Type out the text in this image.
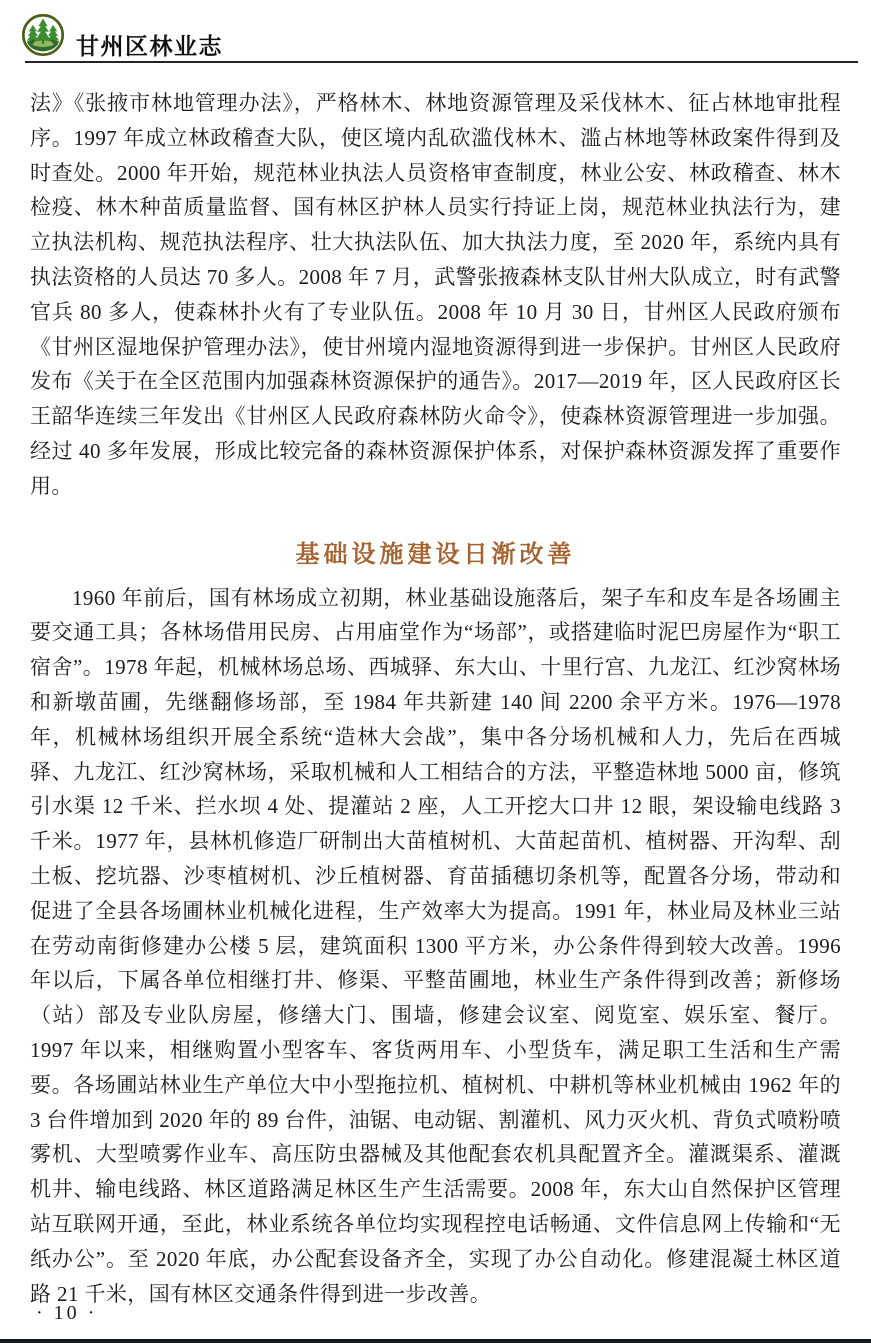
甘州区林业志

法》《张掖市林地管理办法》，严格林木、林地资源管理及采伐林木、征占林地审批程序。1997 年成立林政稽查大队，使区境内乱砍滥伐林木、滥占林地等林政案件得到及时查处。2000 年开始，规范林业执法人员资格审查制度，林业公安、林政稽查、林木检疫、林木种苗质量监督、国有林区护林人员实行持证上岗，规范林业执法行为，建立执法机构、规范执法程序、壮大执法队伍、加大执法力度，至 2020 年，系统内具有执法资格的人员达 70 多人。2008 年 7 月，武警张掖森林支队甘州大队成立，时有武警官兵 80 多人，使森林扑火有了专业队伍。2008 年 10 月 30 日，甘州区人民政府颁布《甘州区湿地保护管理办法》，使甘州境内湿地资源得到进一步保护。甘州区人民政府发布《关于在全区范围内加强森林资源保护的通告》。2017—2019 年，区人民政府区长王韶华连续三年发出《甘州区人民政府森林防火命令》，使森林资源管理进一步加强。经过 40 多年发展，形成比较完备的森林资源保护体系，对保护森林资源发挥了重要作用。

基础设施建设日渐改善

1960 年前后，国有林场成立初期，林业基础设施落后，架子车和皮车是各场圃主要交通工具；各林场借用民房、占用庙堂作为“场部”，或搭建临时泥巴房屋作为“职工宿舍”。1978 年起，机械林场总场、西城驿、东大山、十里行宫、九龙江、红沙窝林场和新墩苗圃，先继翻修场部，至 1984 年共新建 140 间 2200 余平方米。1976—1978 年，机械林场组织开展全系统“造林大会战”，集中各分场机械和人力，先后在西城驿、九龙江、红沙窝林场，采取机械和人工相结合的方法，平整造林地 5000 亩，修筑引水渠 12 千米、拦水坝 4 处、提灌站 2 座，人工开挖大口井 12 眼，架设输电线路 3 千米。1977 年，县林机修造厂研制出大苗植树机、大苗起苗机、植树器、开沟犁、刮土板、挖坑器、沙枣植树机、沙丘植树器、育苗插穗切条机等，配置各分场，带动和促进了全县各场圃林业机械化进程，生产效率大为提高。1991 年，林业局及林业三站在劳动南街修建办公楼 5 层，建筑面积 1300 平方米，办公条件得到较大改善。1996 年以后，下属各单位相继打井、修渠、平整苗圃地，林业生产条件得到改善；新修场（站）部及专业队房屋，修缮大门、围墙，修建会议室、阅览室、娱乐室、餐厅。1997 年以来，相继购置小型客车、客货两用车、小型货车，满足职工生活和生产需要。各场圃站林业生产单位大中小型拖拉机、植树机、中耕机等林业机械由 1962 年的 3 台件增加到 2020 年的 89 台件，油锯、电动锯、割灌机、风力灭火机、背负式喷粉喷雾机、大型喷雾作业车、高压防虫器械及其他配套农机具配置齐全。灌溉渠系、灌溉机井、输电线路、林区道路满足林区生产生活需要。2008 年，东大山自然保护区管理站互联网开通，至此，林业系统各单位均实现程控电话畅通、文件信息网上传输和“无纸办公”。至 2020 年底，办公配套设备齐全，实现了办公自动化。修建混凝土林区道路 21 千米，国有林区交通条件得到进一步改善。

· 10 ·
